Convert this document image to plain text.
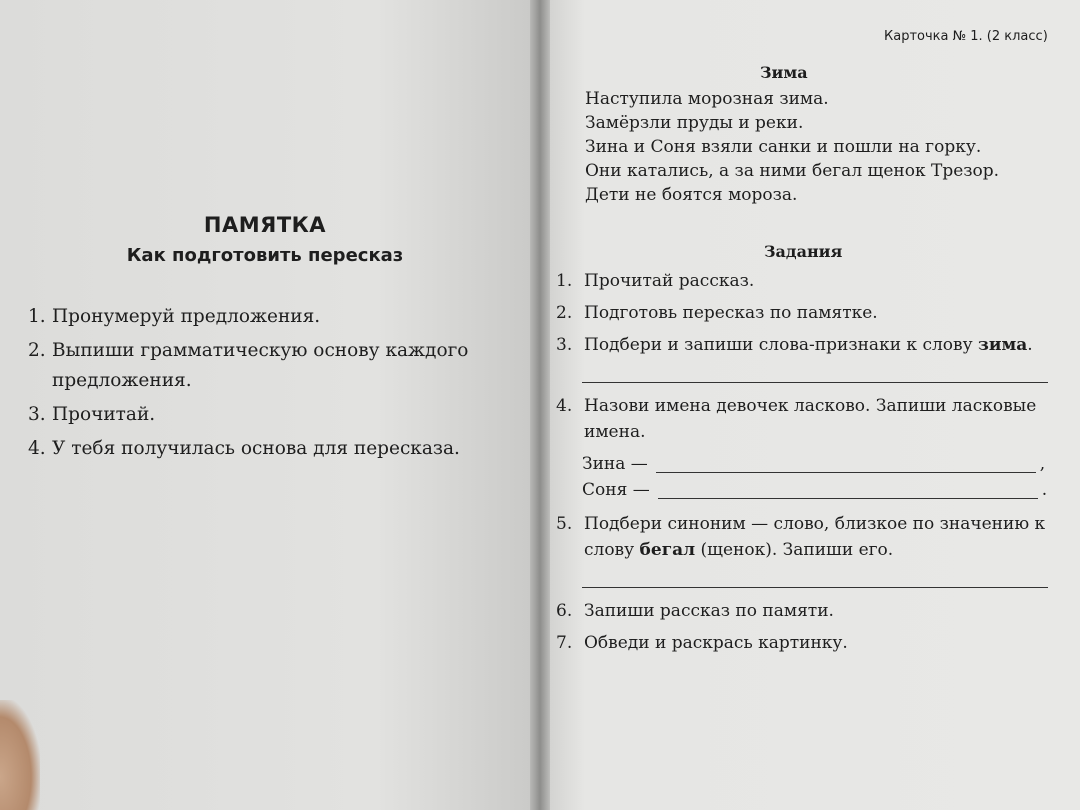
ПАМЯТКА
Как подготовить пересказ
1. Пронумеруй предложения.
2. Выпиши грамматическую основу каждого предложения.
3. Прочитай.
4. У тебя получилась основа для пересказа.
Карточка № 1. (2 класс)
Зима
Наступила морозная зима.
Замёрзли пруды и реки.
Зина и Соня взяли санки и пошли на горку.
Они катались, а за ними бегал щенок Трезор.
Дети не боятся мороза.
Задания
1. Прочитай рассказ.
2. Подготовь пересказ по памятке.
3. Подбери и запиши слова-признаки к слову зима.
4. Назови имена девочек ласково. Запиши ласковые имена.
Зина —	,
Соня —	.
5. Подбери синоним — слово, близкое по значению к слову бегал (щенок). Запиши его.
6. Запиши рассказ по памяти.
7. Обведи и раскрась картинку.
